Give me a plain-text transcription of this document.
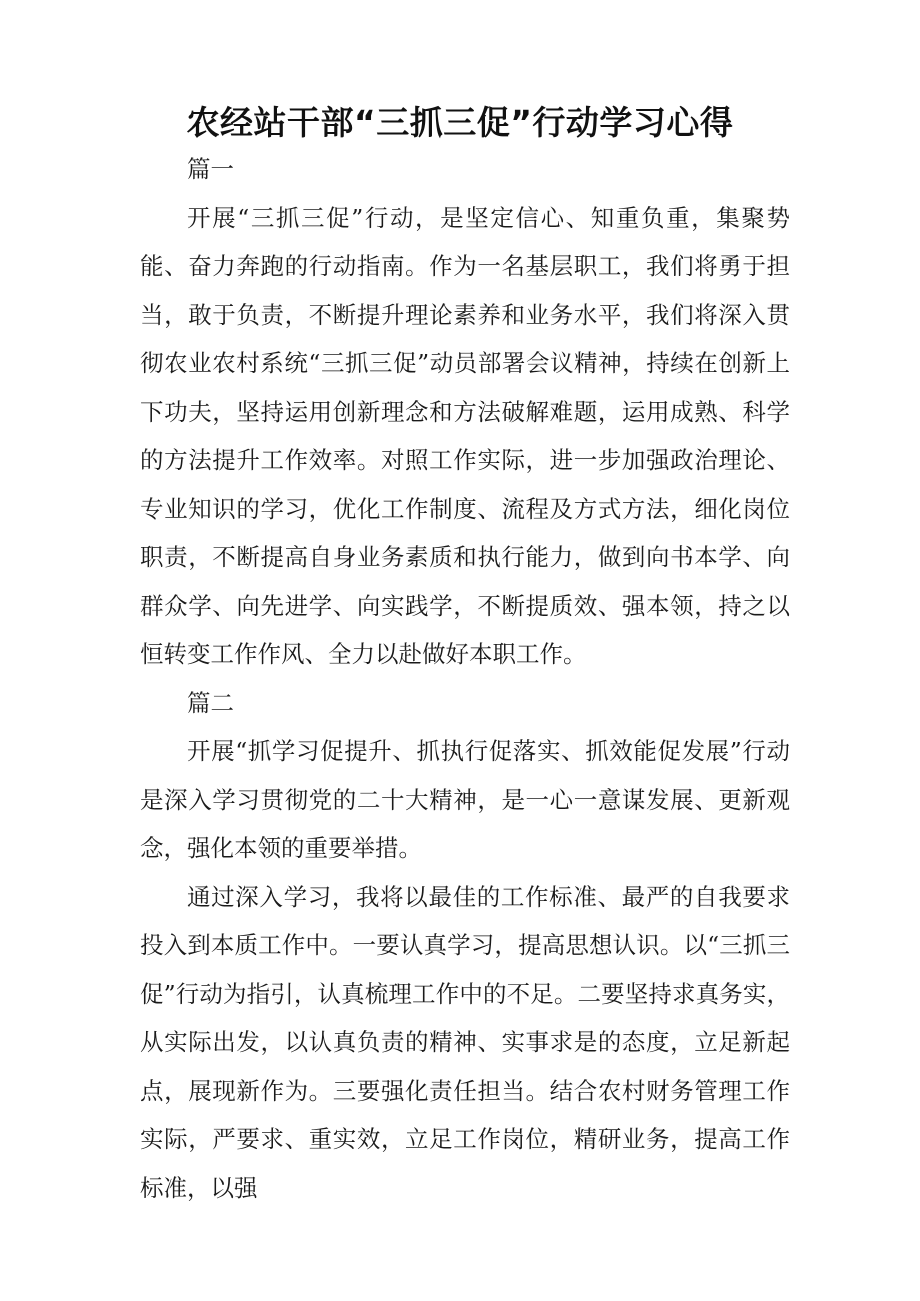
农经站干部“三抓三促”行动学习心得

篇一

开展“三抓三促”行动，是坚定信心、知重负重，集聚势能、奋力奔跑的行动指南。作为一名基层职工，我们将勇于担当，敢于负责，不断提升理论素养和业务水平，我们将深入贯彻农业农村系统“三抓三促”动员部署会议精神，持续在创新上下功夫，坚持运用创新理念和方法破解难题，运用成熟、科学的方法提升工作效率。对照工作实际，进一步加强政治理论、专业知识的学习，优化工作制度、流程及方式方法，细化岗位职责，不断提高自身业务素质和执行能力，做到向书本学、向群众学、向先进学、向实践学，不断提质效、强本领，持之以恒转变工作作风、全力以赴做好本职工作。

篇二

开展“抓学习促提升、抓执行促落实、抓效能促发展”行动是深入学习贯彻党的二十大精神，是一心一意谋发展、更新观念，强化本领的重要举措。

通过深入学习，我将以最佳的工作标准、最严的自我要求投入到本质工作中。一要认真学习，提高思想认识。以“三抓三促”行动为指引，认真梳理工作中的不足。二要坚持求真务实，从实际出发，以认真负责的精神、实事求是的态度，立足新起点，展现新作为。三要强化责任担当。结合农村财务管理工作实际，严要求、重实效，立足工作岗位，精研业务，提高工作标准，以强
